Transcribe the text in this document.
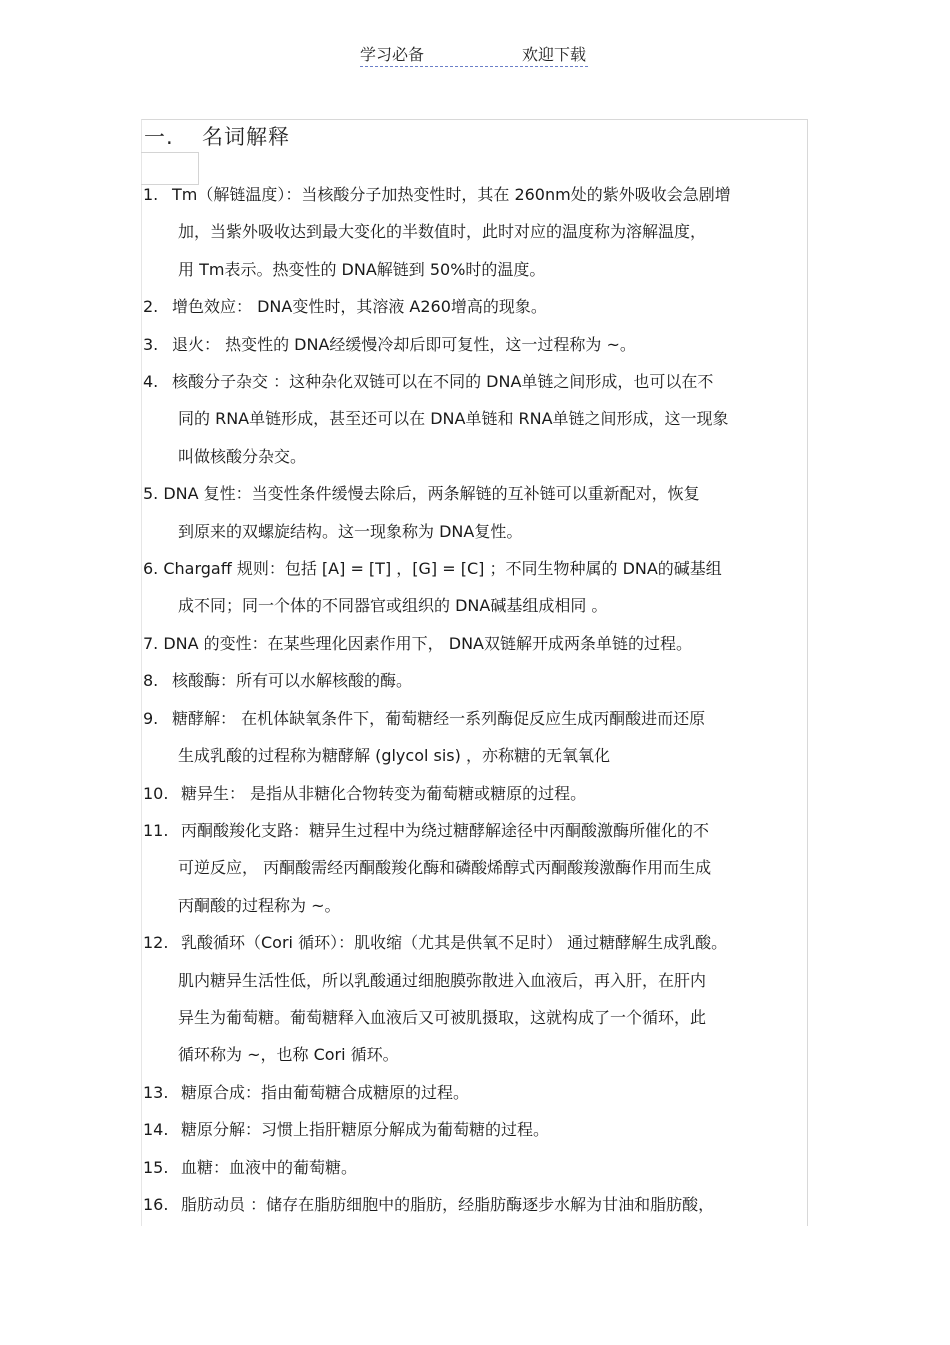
学习必备	欢迎下载
一. 名词解释
1. Tm（解链温度）：当核酸分子加热变性时，其在 260nm处的紫外吸收会急剧增
加，当紫外吸收达到最大变化的半数值时，此时对应的温度称为溶解温度，
用 Tm表示。热变性的 DNA解链到 50%时的温度。
2. 增色效应： DNA变性时，其溶液 A260增高的现象。
3. 退火： 热变性的 DNA经缓慢冷却后即可复性，这一过程称为 ~。
4. 核酸分子杂交 ：这种杂化双链可以在不同的 DNA单链之间形成，也可以在不
同的 RNA单链形成，甚至还可以在 DNA单链和 RNA单链之间形成，这一现象
叫做核酸分杂交。
5. DNA 复性：当变性条件缓慢去除后，两条解链的互补链可以重新配对，恢复
到原来的双螺旋结构。这一现象称为 DNA复性。
6. Chargaff 规则：包括 [A] = [T] ，[G] = [C] ；不同生物种属的 DNA的碱基组
成不同；同一个体的不同器官或组织的 DNA碱基组成相同 。
7. DNA 的变性：在某些理化因素作用下， DNA双链解开成两条单链的过程。
8. 核酸酶：所有可以水解核酸的酶。
9. 糖酵解： 在机体缺氧条件下，葡萄糖经一系列酶促反应生成丙酮酸进而还原
生成乳酸的过程称为糖酵解 (glycol sis) ，亦称糖的无氧氧化
10. 糖异生： 是指从非糖化合物转变为葡萄糖或糖原的过程。
11. 丙酮酸羧化支路：糖异生过程中为绕过糖酵解途径中丙酮酸激酶所催化的不
可逆反应， 丙酮酸需经丙酮酸羧化酶和磷酸烯醇式丙酮酸羧激酶作用而生成
丙酮酸的过程称为 ~。
12. 乳酸循环（Cori 循环）：肌收缩（尤其是供氧不足时） 通过糖酵解生成乳酸。
肌内糖异生活性低，所以乳酸通过细胞膜弥散进入血液后，再入肝，在肝内
异生为葡萄糖。葡萄糖释入血液后又可被肌摄取，这就构成了一个循环，此
循环称为 ~，也称 Cori 循环。
13. 糖原合成：指由葡萄糖合成糖原的过程。
14. 糖原分解：习惯上指肝糖原分解成为葡萄糖的过程。
15. 血糖：血液中的葡萄糖。
16. 脂肪动员 ：储存在脂肪细胞中的脂肪，经脂肪酶逐步水解为甘油和脂肪酸，
